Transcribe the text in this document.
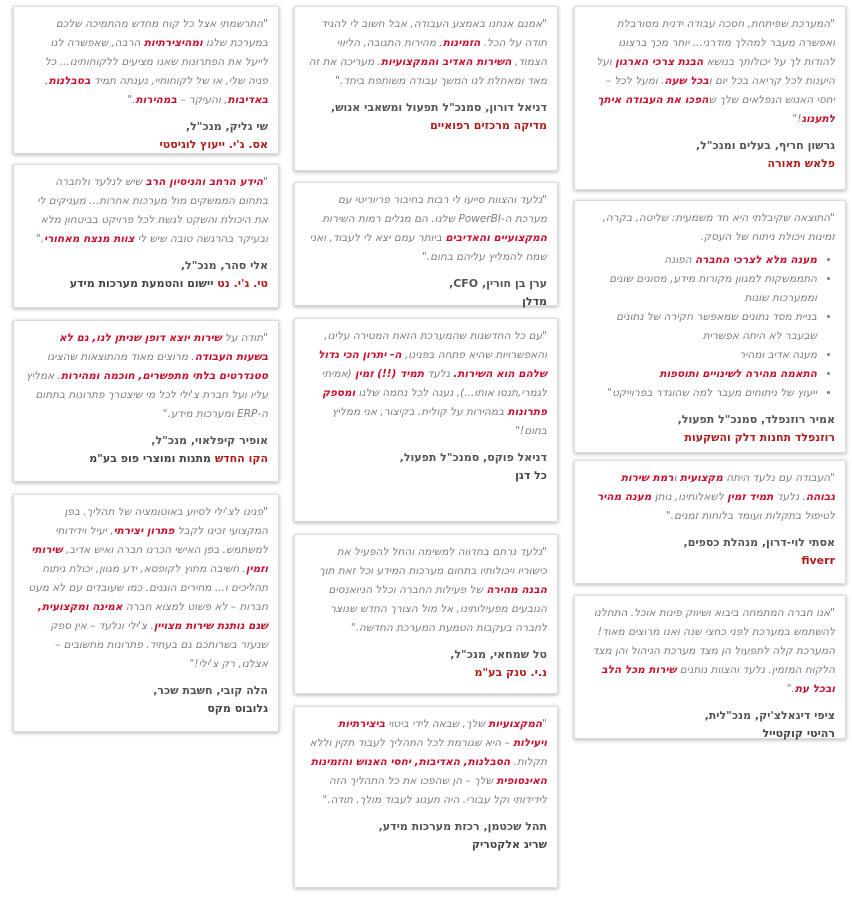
"המערכת שפיתחת, חסכה עבודה ידנית מסורבלת ואפשרה מעבר למהלך מודרני... יותר מכך ברצונו להודות לך על יכולותך בנושא הבנת צרכי הארגון ועל היענות לכל קריאה בכל יום ובכל שעה. ומעל לכל – יחסי האנוש הנפלאים שלך שהפכו את העבודה איתך לתענוג!"

גרשון חריף, בעלים ומנכ"ל,
פלאש תאורה

"התוצאה שקיבלתי היא חד משמעית: שליטה, בקרה, זמינות ויכולת ניתוח של העסק.
• מענה מלא לצרכי החברה הפונה
• התממשקות למגוון מקורות מידע, מסוגים שונים וממערכות שונות
• בניית מסד נתונים שמאפשר חקירה של נתונים שבעבר לא היתה אפשרית
• מענה אדיב ומהיר
• התאמה מהירה לשינויים ותוספות
• ייעוץ של ניתוחים מעבר למה שהוגדר בפרוייקט"

אמיר רוזנפלד, סמנכ"ל תפעול,
רוזנפלד תחנות דלק והשקעות

"העבודה עם נלעד היתה מקצועית ורמת שירות גבוהה. נלעד תמיד זמין לשאלותינו, נותן מענה מהיר לטיפול בתקלות ועומד בלוחות זמנים."

אסתי לוי-דרון, מנהלת כספים,
fiverr

"אנו חברה המתמחה ביבוא ושיווק פינות אוכל. התחלנו להשתמש במערכת לפני כחצי שנה ואנו מרוצים מאוד! המערכת קלה לתפעול הן מצד מערכת הניהול והן מצד הלקוח המזמין. נלעד והצוות נותנים שירות מכל הלב ובכל עת."

ציפי דיגאלצ'יק, מנכ"לית,
רהיטי קוקטייל

"אמנם אנחנו באמצע העבודה, אבל חשוב לי להגיד תודה על הכל. הזמינות, מהירות התגובה, הליווי הצמוד, השירות האדיב והמקצועיות. מעריכה את זה מאד ומאחלת לנו המשך עבודה משותפת ביחד."

דניאל דורון, סמנכ"ל תפעול ומשאבי אנוש,
מדיקה מרכזים רפואיים

"נלעד והצוות סייעו לי רבות בחיבור פריוריטי עם מערכת ה-PowerBI שלנו. הם מגלים רמות השירות המקצועיים והאדיבים ביותר עמם יצא לי לעבוד, ואני שמח להמליץ עליהם בחום."

ערן בן חורין, CFO,
מדלן

"עם כל החדשנות שהמערכת הזאת המטירה עלינו, והאפשרויות שהיא פתחה בפנינו, ה- יתרון הכי גדול שלהם הוא השירות. נלעד תמיד (!!) זמין (אמיתי לגמרי,תנסו אותו...), נענה לכל נחמה שלנו ומספק פתרונות במהירות על קולית. בקיצור, אני ממליץ בחום!"

דניאל פוקס, סמנכ"ל תפעול,
כל דגן

"נלעד נרתם בחדווה למשימה והחל להפעיל את כישוריו ויכולותיו בתחום מערכות המידע וכל זאת תוך הבנה מהירה של פעילות החברה וכלל הניואנסים הנובעים מפעילותינו, אל מול הצורך החדש שנוצר לחברה בעקבות הטמעת המערכת החדשה."

טל שמחאי, מנכ"ל,
נ.י. טנק בע"מ

"המקצועיות שלך, שבאה לידי ביטוי ביצירתיות ויעילות – היא שגורמת לכל התהליך לעבוד תקין וללא תקלות. הסבלנות, האדיבות, יחסי האנוש והזמינות האינסופית שלך – הן שהפכו את כל התהליך הזה לידידותי וקל עבורי. היה תענוג לעבוד מולך. תודה."

תהל שכטמן, רכזת מערכות מידע,
שריג אלקטריק

"התרשמתי אצל כל קוח מחדש מהתמיכה שלכם במערכת שלנו ומהיצירתיות הרבה, שאפשרה לנו לייעל את הפתרונות שאנו מציעים ללקוחותינו... כל פניה שלי, או של לקוחותיי, נענתה תמיד בסבלנות, באדיבות, והעיקר – במהירות."

שי גליק, מנכ"ל,
אס. ג'י. ייעוץ לוגיסטי

"הידע הרחב והניסיון הרב שיש לנלעד ולחברה בתחום הממשקים מול מערכות אחרות... מעניקים לי את היכולת והשקט לגשת לכל פרויקט בביטחון מלא ובעיקר בהרגשה טובה שיש לי צוות מנצח מאחורי."

אלי סהר, מנכ"ל,
טי. ג'י. נט יישום והטמעת מערכות מידע

"תודה על שירות יוצא דופן שניתן לנו, גם לא בשעות העבודה. מרוצים מאוד מהתוצאות שהציגו סטנדרטים בלתי מתפשרים, חוכמה ומהירות. אמליץ עליו ועל חברת צ'ילי לכל מי שיצטרך פתרונות בתחום ה-ERP ומערכות מידע."

אופיר קיפלאוי, מנכ"ל,
הקו החדש מתנות ומוצרי פופ בע"מ

"פנינו לצ'ילי לסיוע באוטומציה של תהליך. בפן המקצועי זכינו לקבל פתרון יצירתי, יעיל וידידותי למשתמש. בפן האישי הכרנו חברה ואיש אדיב, שירותי וזמין. חשיבה מחוץ לקופסא, ידע מגוון, יכולת ניתוח תהליכים ו... מחירים הוגנים. כמו שעובדים עם לא מעט חברות – לא פשוט למצוא חברה אמינה ומקצועית, שגם נותנת שירות מצויין. צ'ילי ונלעד – אין ספק שנעזר בשרותכם גם בעתיד. פתרונות מחשובים – אצלנו, רק צ'ילי!"

הלה קובי, חשבת שכר,
גלובוס מקס
